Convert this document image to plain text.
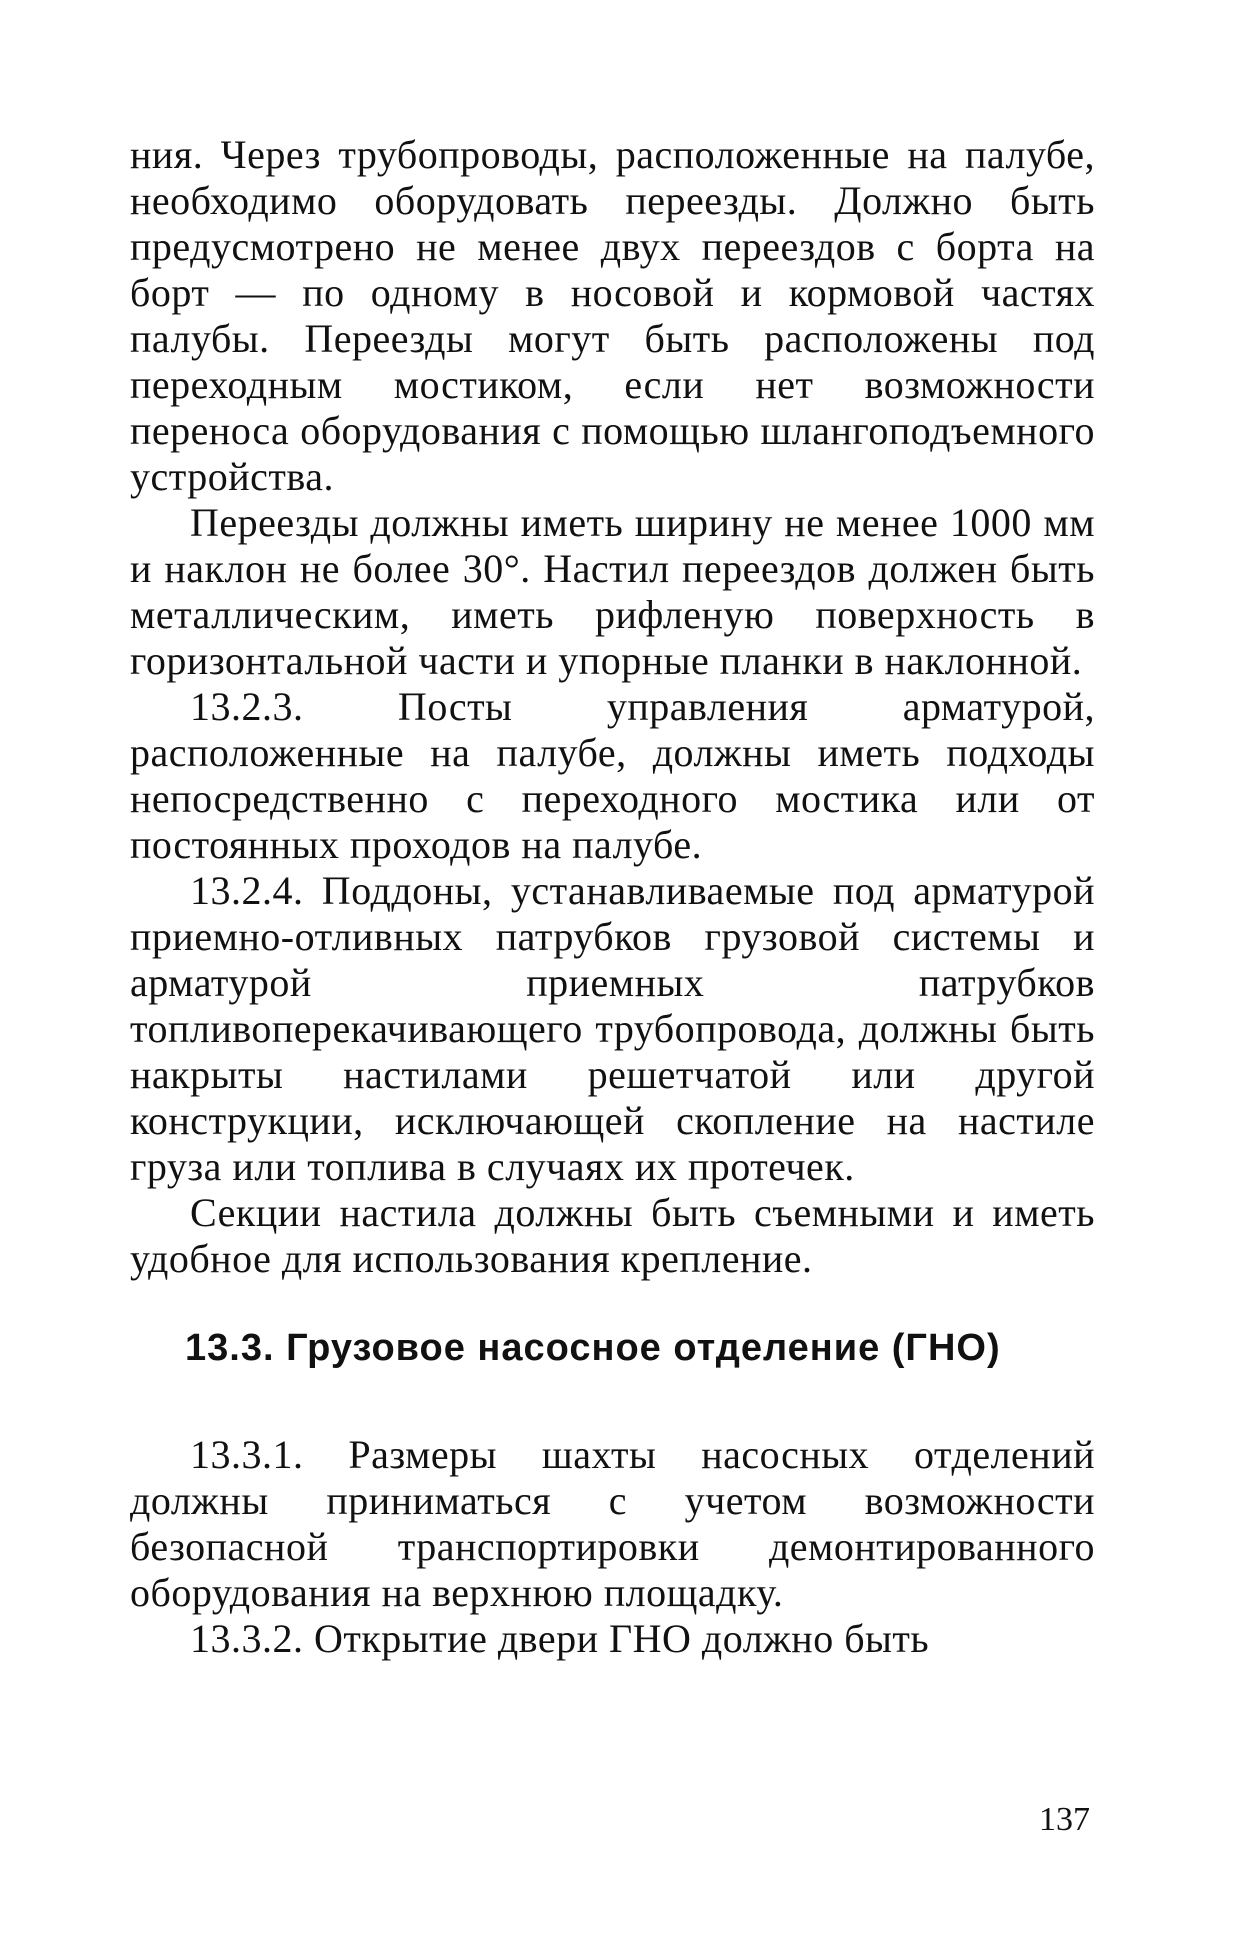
ния. Через трубопроводы, расположенные на палубе, необходимо оборудовать переезды. Должно быть предусмотрено не менее двух переездов с борта на борт — по одному в носовой и кормовой частях палубы. Переезды могут быть расположены под переходным мостиком, если нет возможности переноса оборудования с помощью шлангоподъемного устройства.

Переезды должны иметь ширину не менее 1000 мм и наклон не более 30°. Настил переездов должен быть металлическим, иметь рифленую поверхность в горизонтальной части и упорные планки в наклонной.

13.2.3. Посты управления арматурой, расположенные на палубе, должны иметь подходы непосредственно с переходного мостика или от постоянных проходов на палубе.

13.2.4. Поддоны, устанавливаемые под арматурой приемно-отливных патрубков грузовой системы и арматурой приемных патрубков топливоперекачивающего трубопровода, должны быть накрыты настилами решетчатой или другой конструкции, исключающей скопление на настиле груза или топлива в случаях их протечек.

Секции настила должны быть съемными и иметь удобное для использования крепление.

13.3. Грузовое насосное отделение (ГНО)

13.3.1. Размеры шахты насосных отделений должны приниматься с учетом возможности безопасной транспортировки демонтированного оборудования на верхнюю площадку.

13.3.2. Открытие двери ГНО должно быть

137
